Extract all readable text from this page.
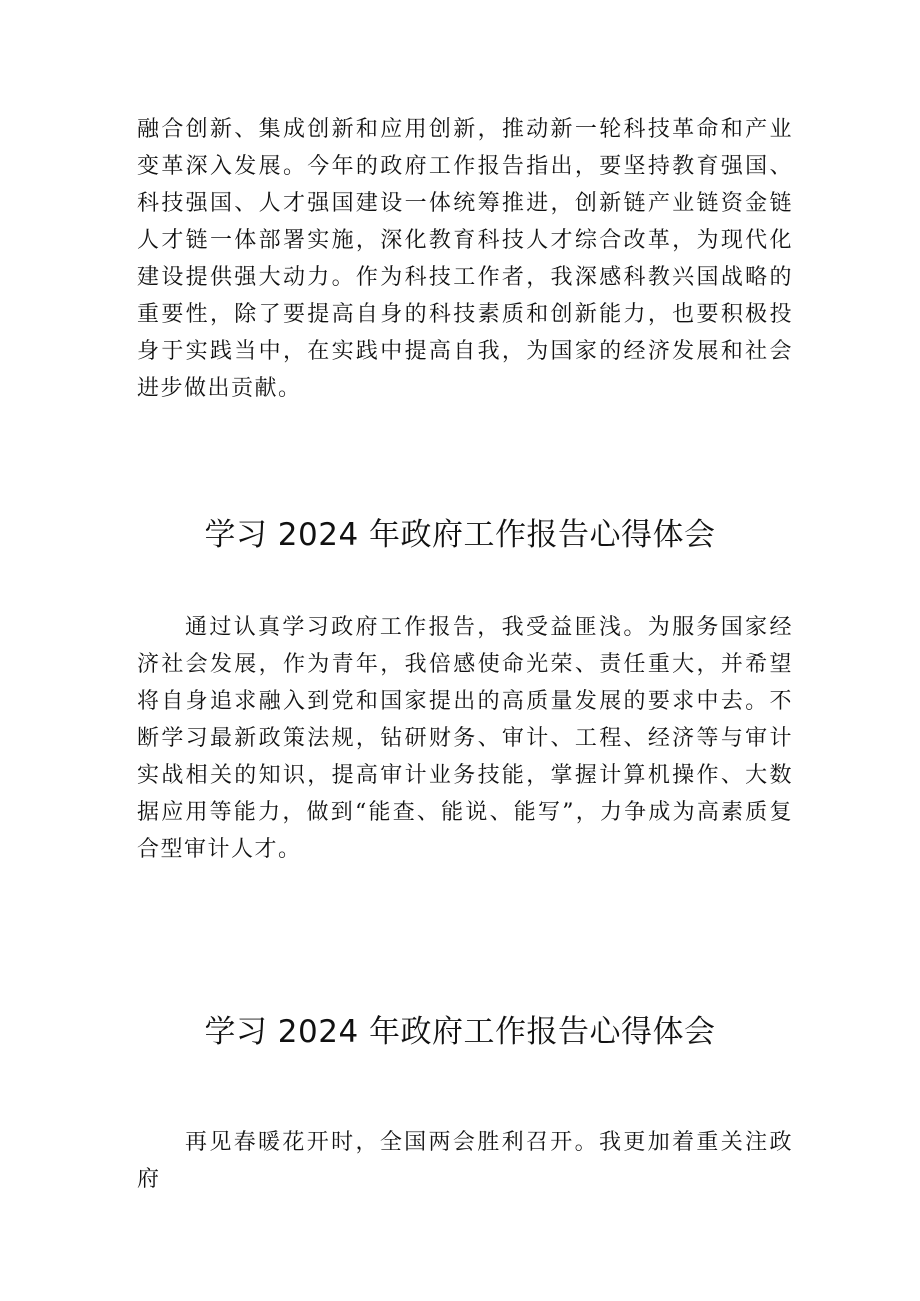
融合创新、集成创新和应用创新，推动新一轮科技革命和产业变革深入发展。今年的政府工作报告指出，要坚持教育强国、科技强国、人才强国建设一体统筹推进，创新链产业链资金链人才链一体部署实施，深化教育科技人才综合改革，为现代化建设提供强大动力。作为科技工作者，我深感科教兴国战略的重要性，除了要提高自身的科技素质和创新能力，也要积极投身于实践当中，在实践中提高自我，为国家的经济发展和社会进步做出贡献。

学习 2024 年政府工作报告心得体会

通过认真学习政府工作报告，我受益匪浅。为服务国家经济社会发展，作为青年，我倍感使命光荣、责任重大，并希望将自身追求融入到党和国家提出的高质量发展的要求中去。不断学习最新政策法规，钻研财务、审计、工程、经济等与审计实战相关的知识，提高审计业务技能，掌握计算机操作、大数据应用等能力，做到“能查、能说、能写”，力争成为高素质复合型审计人才。

学习 2024 年政府工作报告心得体会

再见春暖花开时，全国两会胜利召开。我更加着重关注政府
